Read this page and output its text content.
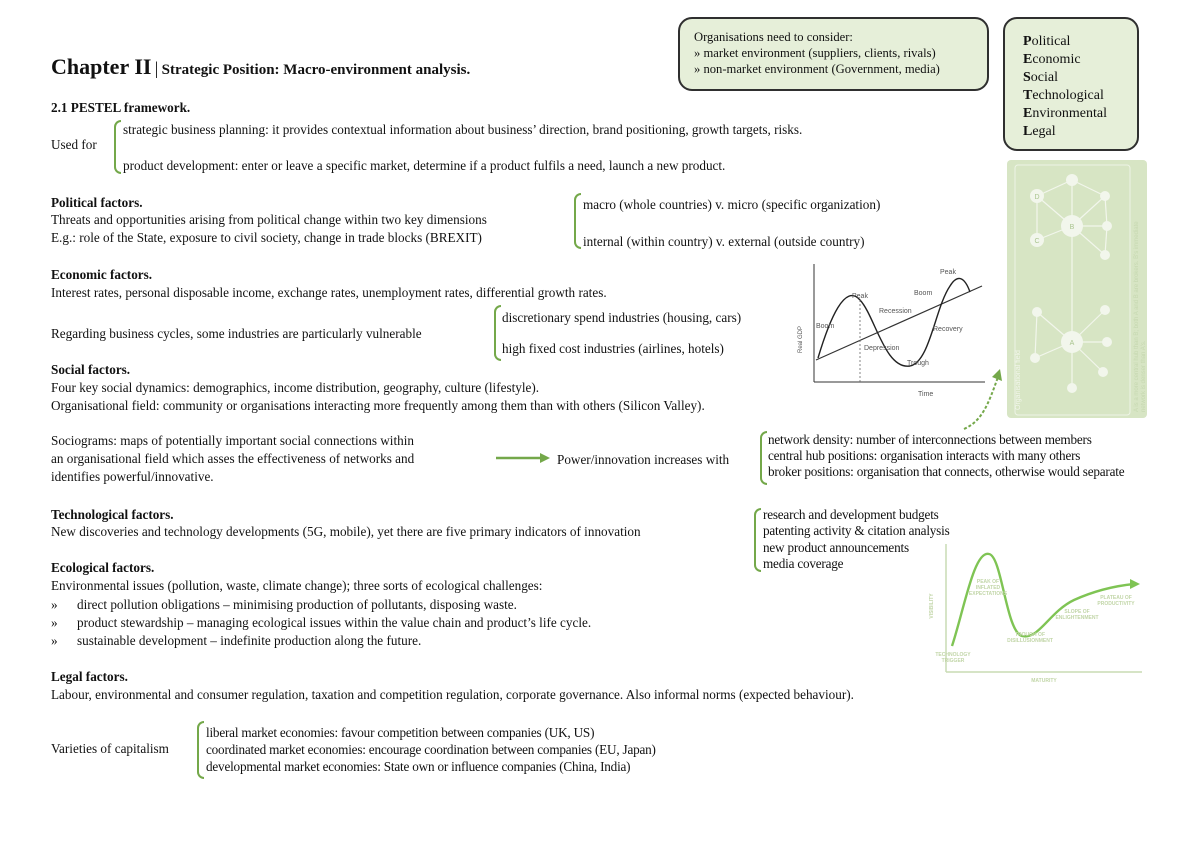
Chapter II | Strategic Position: Macro-environment analysis.
Organisations need to consider:
» market environment (suppliers, clients, rivals)
» non-market environment (Government, media)
Political
Economic
Social
Technological
Environmental
Legal
2.1 PESTEL framework.
Used for
strategic business planning: it provides contextual information about business’ direction, brand positioning, growth targets, risks.
product development: enter or leave a specific market, determine if a product fulfils a need, launch a new product.
Political factors.
Threats and opportunities arising from political change within two key dimensions
E.g.: role of the State, exposure to civil society, change in trade blocks (BREXIT)
macro (whole countries) v. micro (specific organization)
internal (within country) v. external (outside country)
Economic factors.
Interest rates, personal disposable income, exchange rates, unemployment rates, differential growth rates.
Regarding business cycles, some industries are particularly vulnerable
discretionary spend industries (housing, cars)
high fixed cost industries (airlines, hotels)	Real GDP
Time
Boom
Peak
Recession
Depression
Trough
Recovery
Boom
Peak
D
C
B
A
Organisational field	A is a more central hub than B; both A and B are brokers. B's immediate network is denser than A's.
Social factors.
Four key social dynamics: demographics, income distribution, geography, culture (lifestyle).
Organisational field: community or organisations interacting more frequently among them than with others (Silicon Valley).
Sociograms: maps of potentially important social connections within
an organisational field which asses the effectiveness of networks and
identifies powerful/innovative.
Power/innovation increases with
network density: number of interconnections between members
central hub positions: organisation interacts with many others
broker positions: organisation that connects, otherwise would separate
Technological factors.
New discoveries and technology developments (5G, mobile), yet there are five primary indicators of innovation
research and development budgets
patenting activity & citation analysis
new product announcements
media coverage
VISIBILITY
MATURITY
TECHNOLOGY
TRIGGER
PEAK OF
INFLATED
EXPECTATIONS
TROUGH OF
DISILLUSIONMENT
SLOPE OF
ENLIGHTENMENT
PLATEAU OF
PRODUCTIVITY
Ecological factors.
Environmental issues (pollution, waste, climate change); three sorts of ecological challenges:
» direct pollution obligations – minimising production of pollutants, disposing waste.
» product stewardship – managing ecological issues within the value chain and product’s life cycle.
» sustainable development – indefinite production along the future.
Legal factors.
Labour, environmental and consumer regulation, taxation and competition regulation, corporate governance. Also informal norms (expected behaviour).
Varieties of capitalism
liberal market economies: favour competition between companies (UK, US)
coordinated market economies: encourage coordination between companies (EU, Japan)
developmental market economies: State own or influence companies (China, India)
